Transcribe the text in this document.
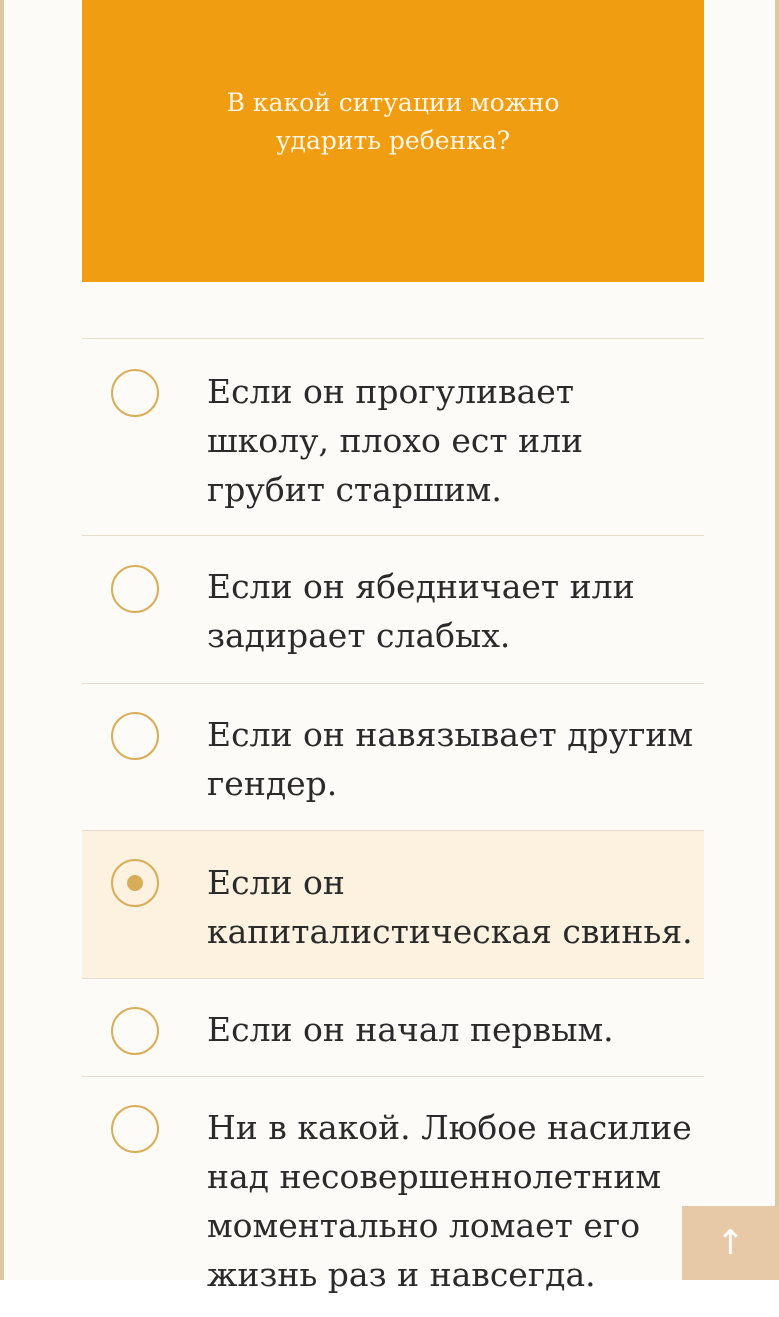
В какой ситуации можно ударить ребенка?
Если он прогуливает школу, плохо ест или грубит старшим.
Если он ябедничает или задирает слабых.
Если он навязывает другим гендер.
Если он капиталистическая свинья.
Если он начал первым.
Ни в какой. Любое насилие над несовершеннолетним моментально ломает его жизнь раз и навсегда.
↑
